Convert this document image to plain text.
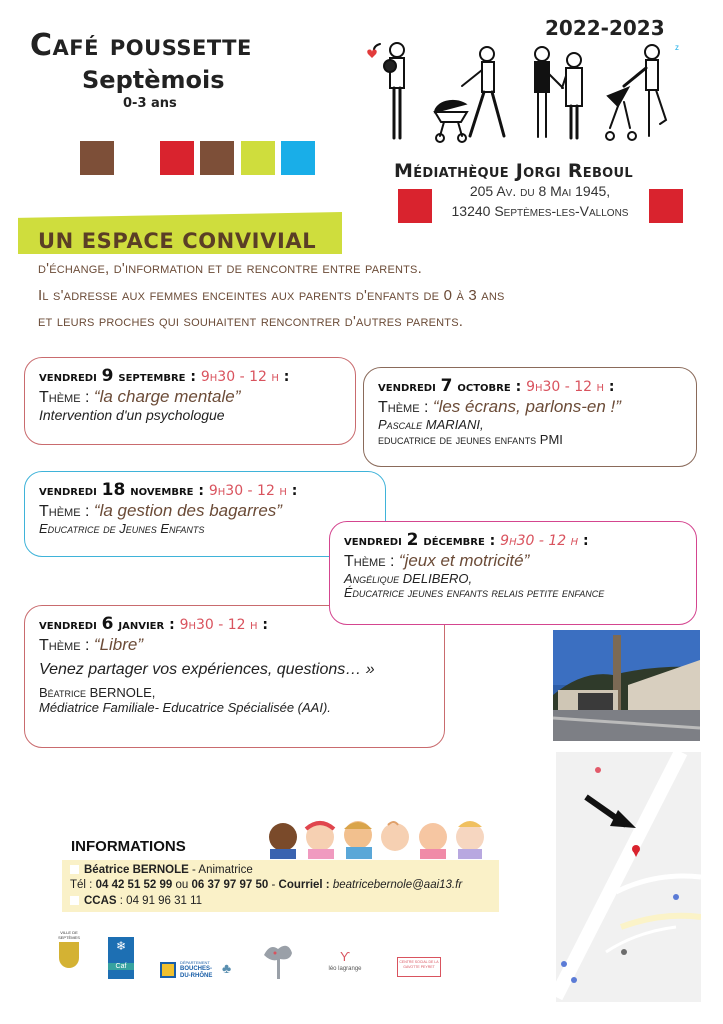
Café poussette
Septèmois
0-3 ans
2022-2023
z
Médiathèque Jorgi Reboul
205 Av. du 8 Mai 1945,
13240 Septèmes-les-Vallons
UN ESPACE CONVIVIAL
d'échange, d'information et de rencontre entre parents.
Il s'adresse aux femmes enceintes aux parents d'enfants de 0 à 3 ans
et leurs proches qui souhaitent rencontrer d'autres parents.
vendredi 9 septembre : 9h30 - 12 h :
Thème : “la charge mentale”
Intervention d'un psychologue
vendredi 7 octobre : 9h30 - 12 h :
Thème : “les écrans, parlons-en !”
Pascale MARIANI,
educatrice de jeunes enfants PMI
vendredi 18 novembre : 9h30 - 12 h :
Thème : “la gestion des bagarres”
Educatrice de Jeunes Enfants
vendredi 2 décembre : 9h30 - 12 h :
Thème : “jeux et motricité”
Angélique DELIBERO,
Éducatrice jeunes enfants relais petite enfance
vendredi 6 janvier : 9h30 - 12 h :
Thème : “Libre”
Venez partager vos expériences, questions… »
Béatrice BERNOLE,
Médiatrice Familiale- Educatrice Spécialisée (AAI).
INFORMATIONS
Béatrice BERNOLE - Animatrice
Tél : 04 42 51 52 99 ou 06 37 97 97 50 - Courriel : beatricebernole@aai13.fr
CCAS : 04 91 96 31 11
VILLE DE SEPTÈMES
❄
Caf
DÉPARTEMENT
BOUCHES-DU-RHÔNE ♣
ϒ
léo lagrange
CENTRE SOCIAL DE LA GAVOTTE PEYRET
